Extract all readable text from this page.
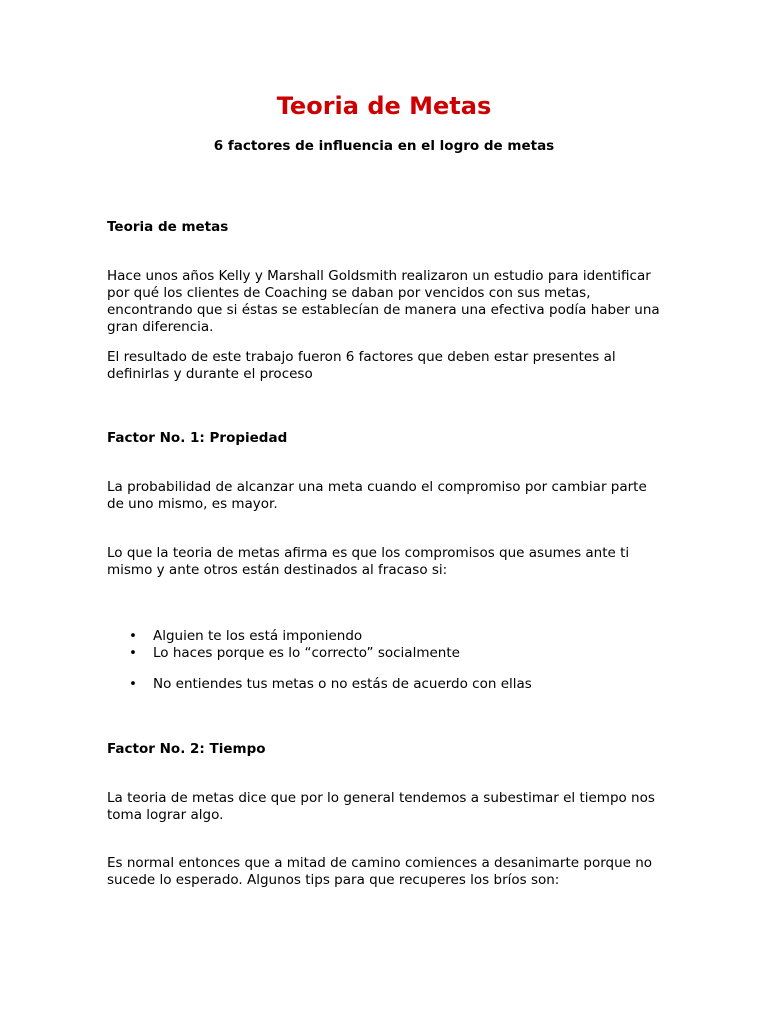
Teoria de Metas

6 factores de influencia en el logro de metas

Teoria de metas

Hace unos años Kelly y Marshall Goldsmith realizaron un estudio para identificar por qué los clientes de Coaching se daban por vencidos con sus metas, encontrando que si éstas se establecían de manera una efectiva podía haber una gran diferencia.

El resultado de este trabajo fueron 6 factores que deben estar presentes al definirlas y durante el proceso

Factor No. 1: Propiedad

La probabilidad de alcanzar una meta cuando el compromiso por cambiar parte de uno mismo, es mayor.

Lo que la teoria de metas afirma es que los compromisos que asumes ante ti mismo y ante otros están destinados al fracaso si:

• Alguien te los está imponiendo
• Lo haces porque es lo “correcto” socialmente
• No entiendes tus metas o no estás de acuerdo con ellas

Factor No. 2: Tiempo

La teoria de metas dice que por lo general tendemos a subestimar el tiempo nos toma lograr algo.

Es normal entonces que a mitad de camino comiences a desanimarte porque no sucede lo esperado. Algunos tips para que recuperes los bríos son:
